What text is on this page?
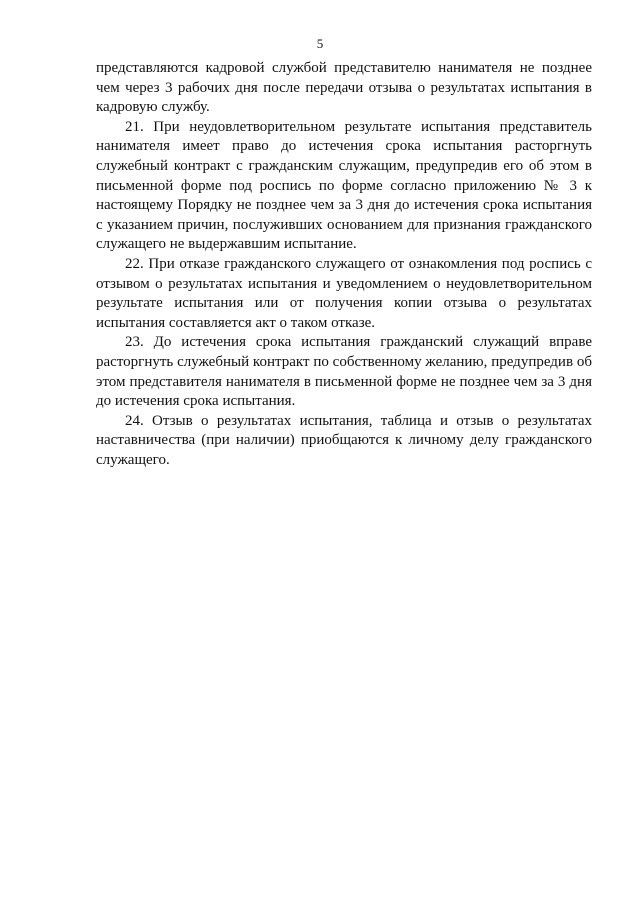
5

представляются кадровой службой представителю нанимателя не позднее чем через 3 рабочих дня после передачи отзыва о результатах испытания в кадровую службу.

21. При неудовлетворительном результате испытания представитель нанимателя имеет право до истечения срока испытания расторгнуть служебный контракт с гражданским служащим, предупредив его об этом в письменной форме под роспись по форме согласно приложению № 3 к настоящему Порядку не позднее чем за 3 дня до истечения срока испытания с указанием причин, послуживших основанием для признания гражданского служащего не выдержавшим испытание.

22. При отказе гражданского служащего от ознакомления под роспись с отзывом о результатах испытания и уведомлением о неудовлетворительном результате испытания или от получения копии отзыва о результатах испытания составляется акт о таком отказе.

23. До истечения срока испытания гражданский служащий вправе расторгнуть служебный контракт по собственному желанию, предупредив об этом представителя нанимателя в письменной форме не позднее чем за 3 дня до истечения срока испытания.

24. Отзыв о результатах испытания, таблица и отзыв о результатах наставничества (при наличии) приобщаются к личному делу гражданского служащего.
